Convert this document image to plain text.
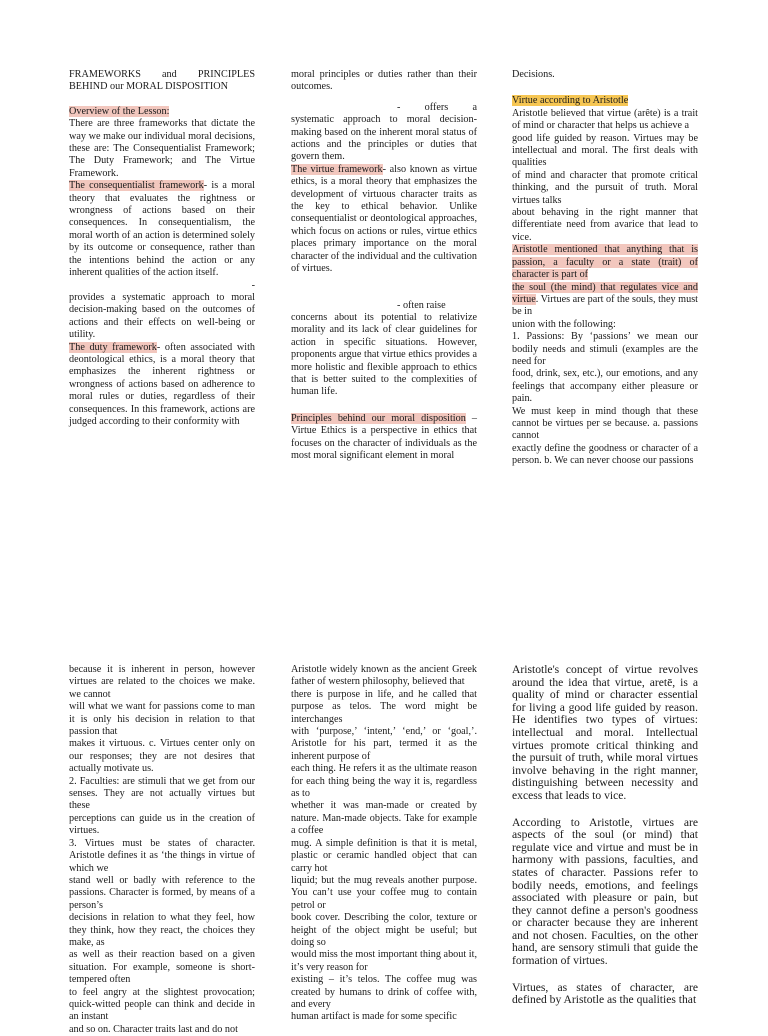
FRAMEWORKS and PRINCIPLES BEHIND our MORAL DISPOSITION

Overview of the Lesson:
There are three frameworks that dictate the way we make our individual moral decisions, these are: The Consequentialist Framework; The Duty Framework; and The Virtue Framework.

The consequentialist framework- is a moral theory that evaluates the rightness or wrongness of actions based on their consequences. In consequentialism, the moral worth of an action is determined solely by its outcome or consequence, rather than the intentions behind the action or any inherent qualities of the action itself.

-

provides a systematic approach to moral decision-making based on the outcomes of actions and their effects on well-being or utility.

The duty framework- often associated with deontological ethics, is a moral theory that emphasizes the inherent rightness or wrongness of actions based on adherence to moral rules or duties, regardless of their consequences. In this framework, actions are judged according to their conformity with

moral principles or duties rather than their outcomes.

- offers a systematic approach to moral decision-making based on the inherent moral status of actions and the principles or duties that govern them.

The virtue framework- also known as virtue ethics, is a moral theory that emphasizes the development of virtuous character traits as the key to ethical behavior. Unlike consequentialist or deontological approaches, which focus on actions or rules, virtue ethics places primary importance on the moral character of the individual and the cultivation of virtues.

- often raise

concerns about its potential to relativize morality and its lack of clear guidelines for action in specific situations. However, proponents argue that virtue ethics provides a more holistic and flexible approach to ethics that is better suited to the complexities of human life.

Principles behind our moral disposition – Virtue Ethics is a perspective in ethics that focuses on the character of individuals as the most moral significant element in moral

Decisions.

Virtue according to Aristotle

Aristotle believed that virtue (arête) is a trait of mind or character that helps us achieve a

good life guided by reason. Virtues may be intellectual and moral. The first deals with qualities

of mind and character that promote critical thinking, and the pursuit of truth. Moral virtues talks

about behaving in the right manner that differentiate need from avarice that lead to vice.

Aristotle mentioned that anything that is passion, a faculty or a state (trait) of character is part of

the soul (the mind) that regulates vice and virtue. Virtues are part of the souls, they must be in

union with the following:

1. Passions: By ‘passions’ we mean our bodily needs and stimuli (examples are the need for

food, drink, sex, etc.), our emotions, and any feelings that accompany either pleasure or pain.

We must keep in mind though that these cannot be virtues per se because. a. passions cannot

exactly define the goodness or character of a person. b. We can never choose our passions

because it is inherent in person, however virtues are related to the choices we make. we cannot

will what we want for passions come to man it is only his decision in relation to that passion that

makes it virtuous. c. Virtues center only on our responses; they are not desires that actually motivate us.

2. Faculties: are stimuli that we get from our senses. They are not actually virtues but these

perceptions can guide us in the creation of virtues.

3. Virtues must be states of character. Aristotle defines it as ‘the things in virtue of which we

stand well or badly with reference to the passions. Character is formed, by means of a person’s

decisions in relation to what they feel, how they think, how they react, the choices they make, as

as well as their reaction based on a given situation. For example, someone is short-tempered often

to feel angry at the slightest provocation; quick-witted people can think and decide in an instant

and so on. Character traits last and do not

Aristotle widely known as the ancient Greek father of western philosophy, believed that

there is purpose in life, and he called that purpose as telos. The word might be interchanges

with ‘purpose,’ ‘intent,’ ‘end,’ or ‘goal,’. Aristotle for his part, termed it as the inherent purpose of

each thing. He refers it as the ultimate reason for each thing being the way it is, regardless as to

whether it was man-made or created by nature. Man-made objects. Take for example a coffee

mug. A simple definition is that it is metal, plastic or ceramic handled object that can carry hot

liquid; but the mug reveals another purpose. You can’t use your coffee mug to contain petrol or

book cover. Describing the color, texture or height of the object might be useful; but doing so

would miss the most important thing about it, it’s very reason for

existing – it’s telos. The coffee mug was created by humans to drink of coffee with, and every

human artifact is made for some specific

Aristotle's concept of virtue revolves around the idea that virtue, aretē, is a quality of mind or character essential for living a good life guided by reason. He identifies two types of virtues: intellectual and moral. Intellectual virtues promote critical thinking and the pursuit of truth, while moral virtues involve behaving in the right manner, distinguishing between necessity and excess that leads to vice.

According to Aristotle, virtues are aspects of the soul (or mind) that regulate vice and virtue and must be in harmony with passions, faculties, and states of character. Passions refer to bodily needs, emotions, and feelings associated with pleasure or pain, but they cannot define a person's goodness or character because they are inherent and not chosen. Faculties, on the other hand, are sensory stimuli that guide the formation of virtues.

Virtues, as states of character, are defined by Aristotle as the qualities that
